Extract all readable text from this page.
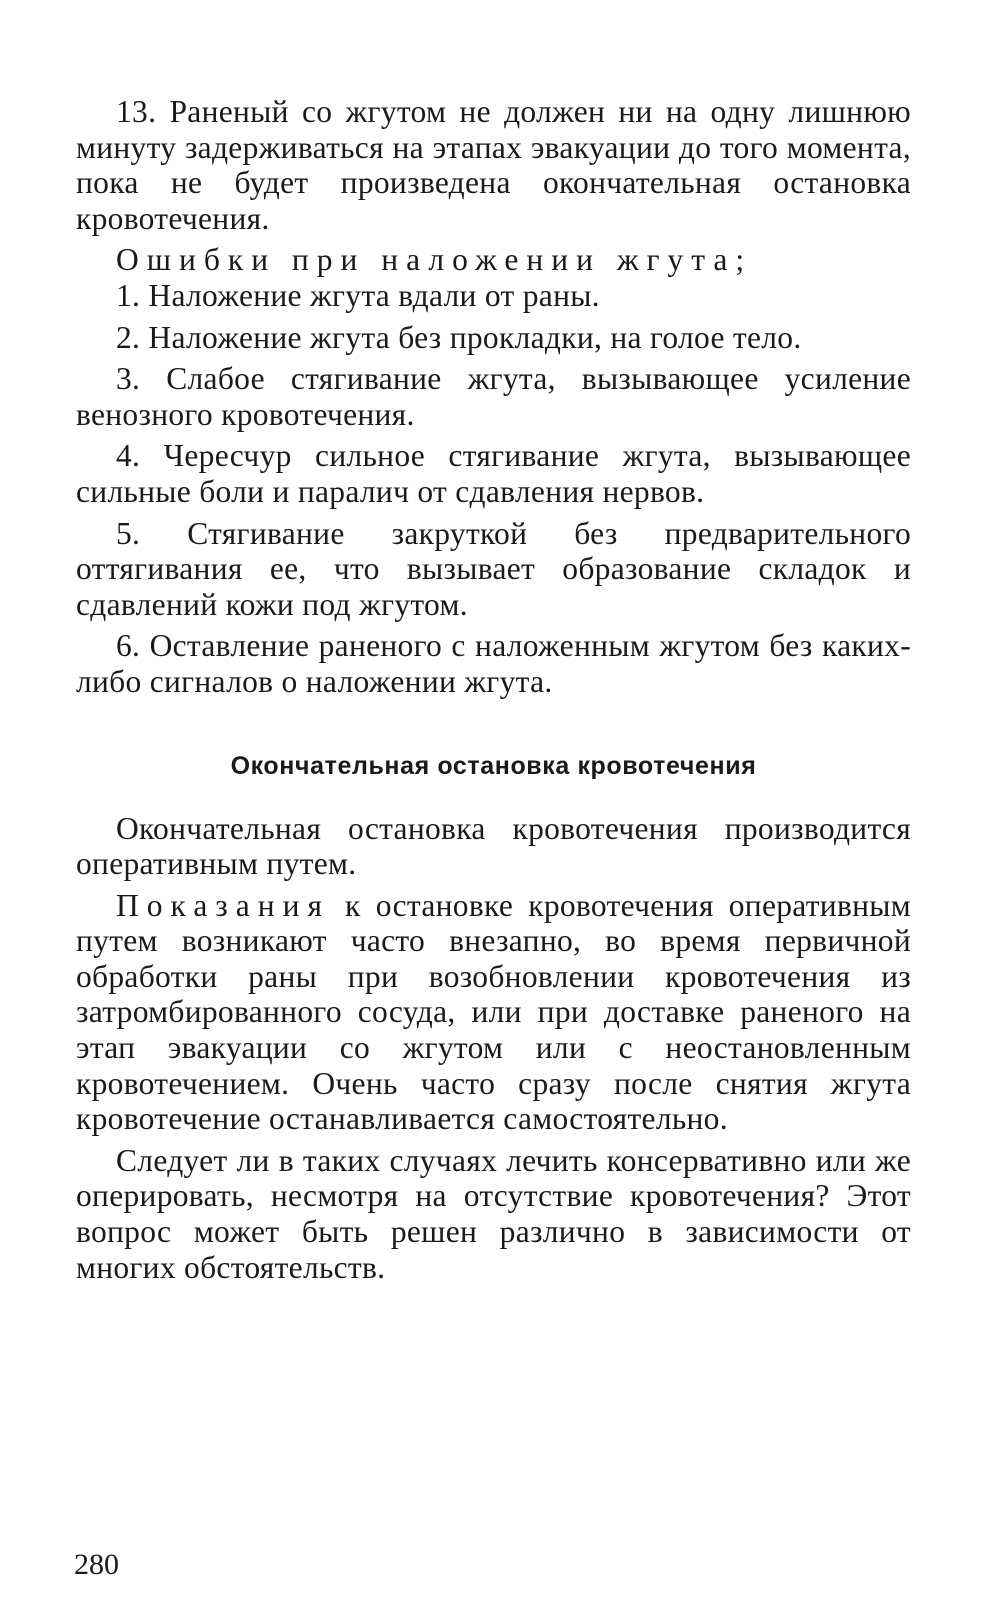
13. Раненый со жгутом не должен ни на одну лишнюю минуту задерживаться на этапах эвакуации до того момента, пока не будет произведена окончательная остановка кровотечения.

Ошибки при наложении жгута;

1. Наложение жгута вдали от раны.

2. Наложение жгута без прокладки, на голое тело.

3. Слабое стягивание жгута, вызывающее усиление венозного кровотечения.

4. Чересчур сильное стягивание жгута, вызывающее сильные боли и паралич от сдавления нервов.

5. Стягивание закруткой без предварительного оттягивания ее, что вызывает образование складок и сдавлений кожи под жгутом.

6. Оставление раненого с наложенным жгутом без каких-либо сигналов о наложении жгута.

Окончательная остановка кровотечения

Окончательная остановка кровотечения производится оперативным путем.

Показания к остановке кровотечения оперативным путем возникают часто внезапно, во время первичной обработки раны при возобновлении кровотечения из затромбированного сосуда, или при доставке раненого на этап эвакуации со жгутом или с неостановленным кровотечением. Очень часто сразу после снятия жгута кровотечение останавливается самостоятельно.

Следует ли в таких случаях лечить консервативно или же оперировать, несмотря на отсутствие кровотечения? Этот вопрос может быть решен различно в зависимости от многих обстоятельств.

280
